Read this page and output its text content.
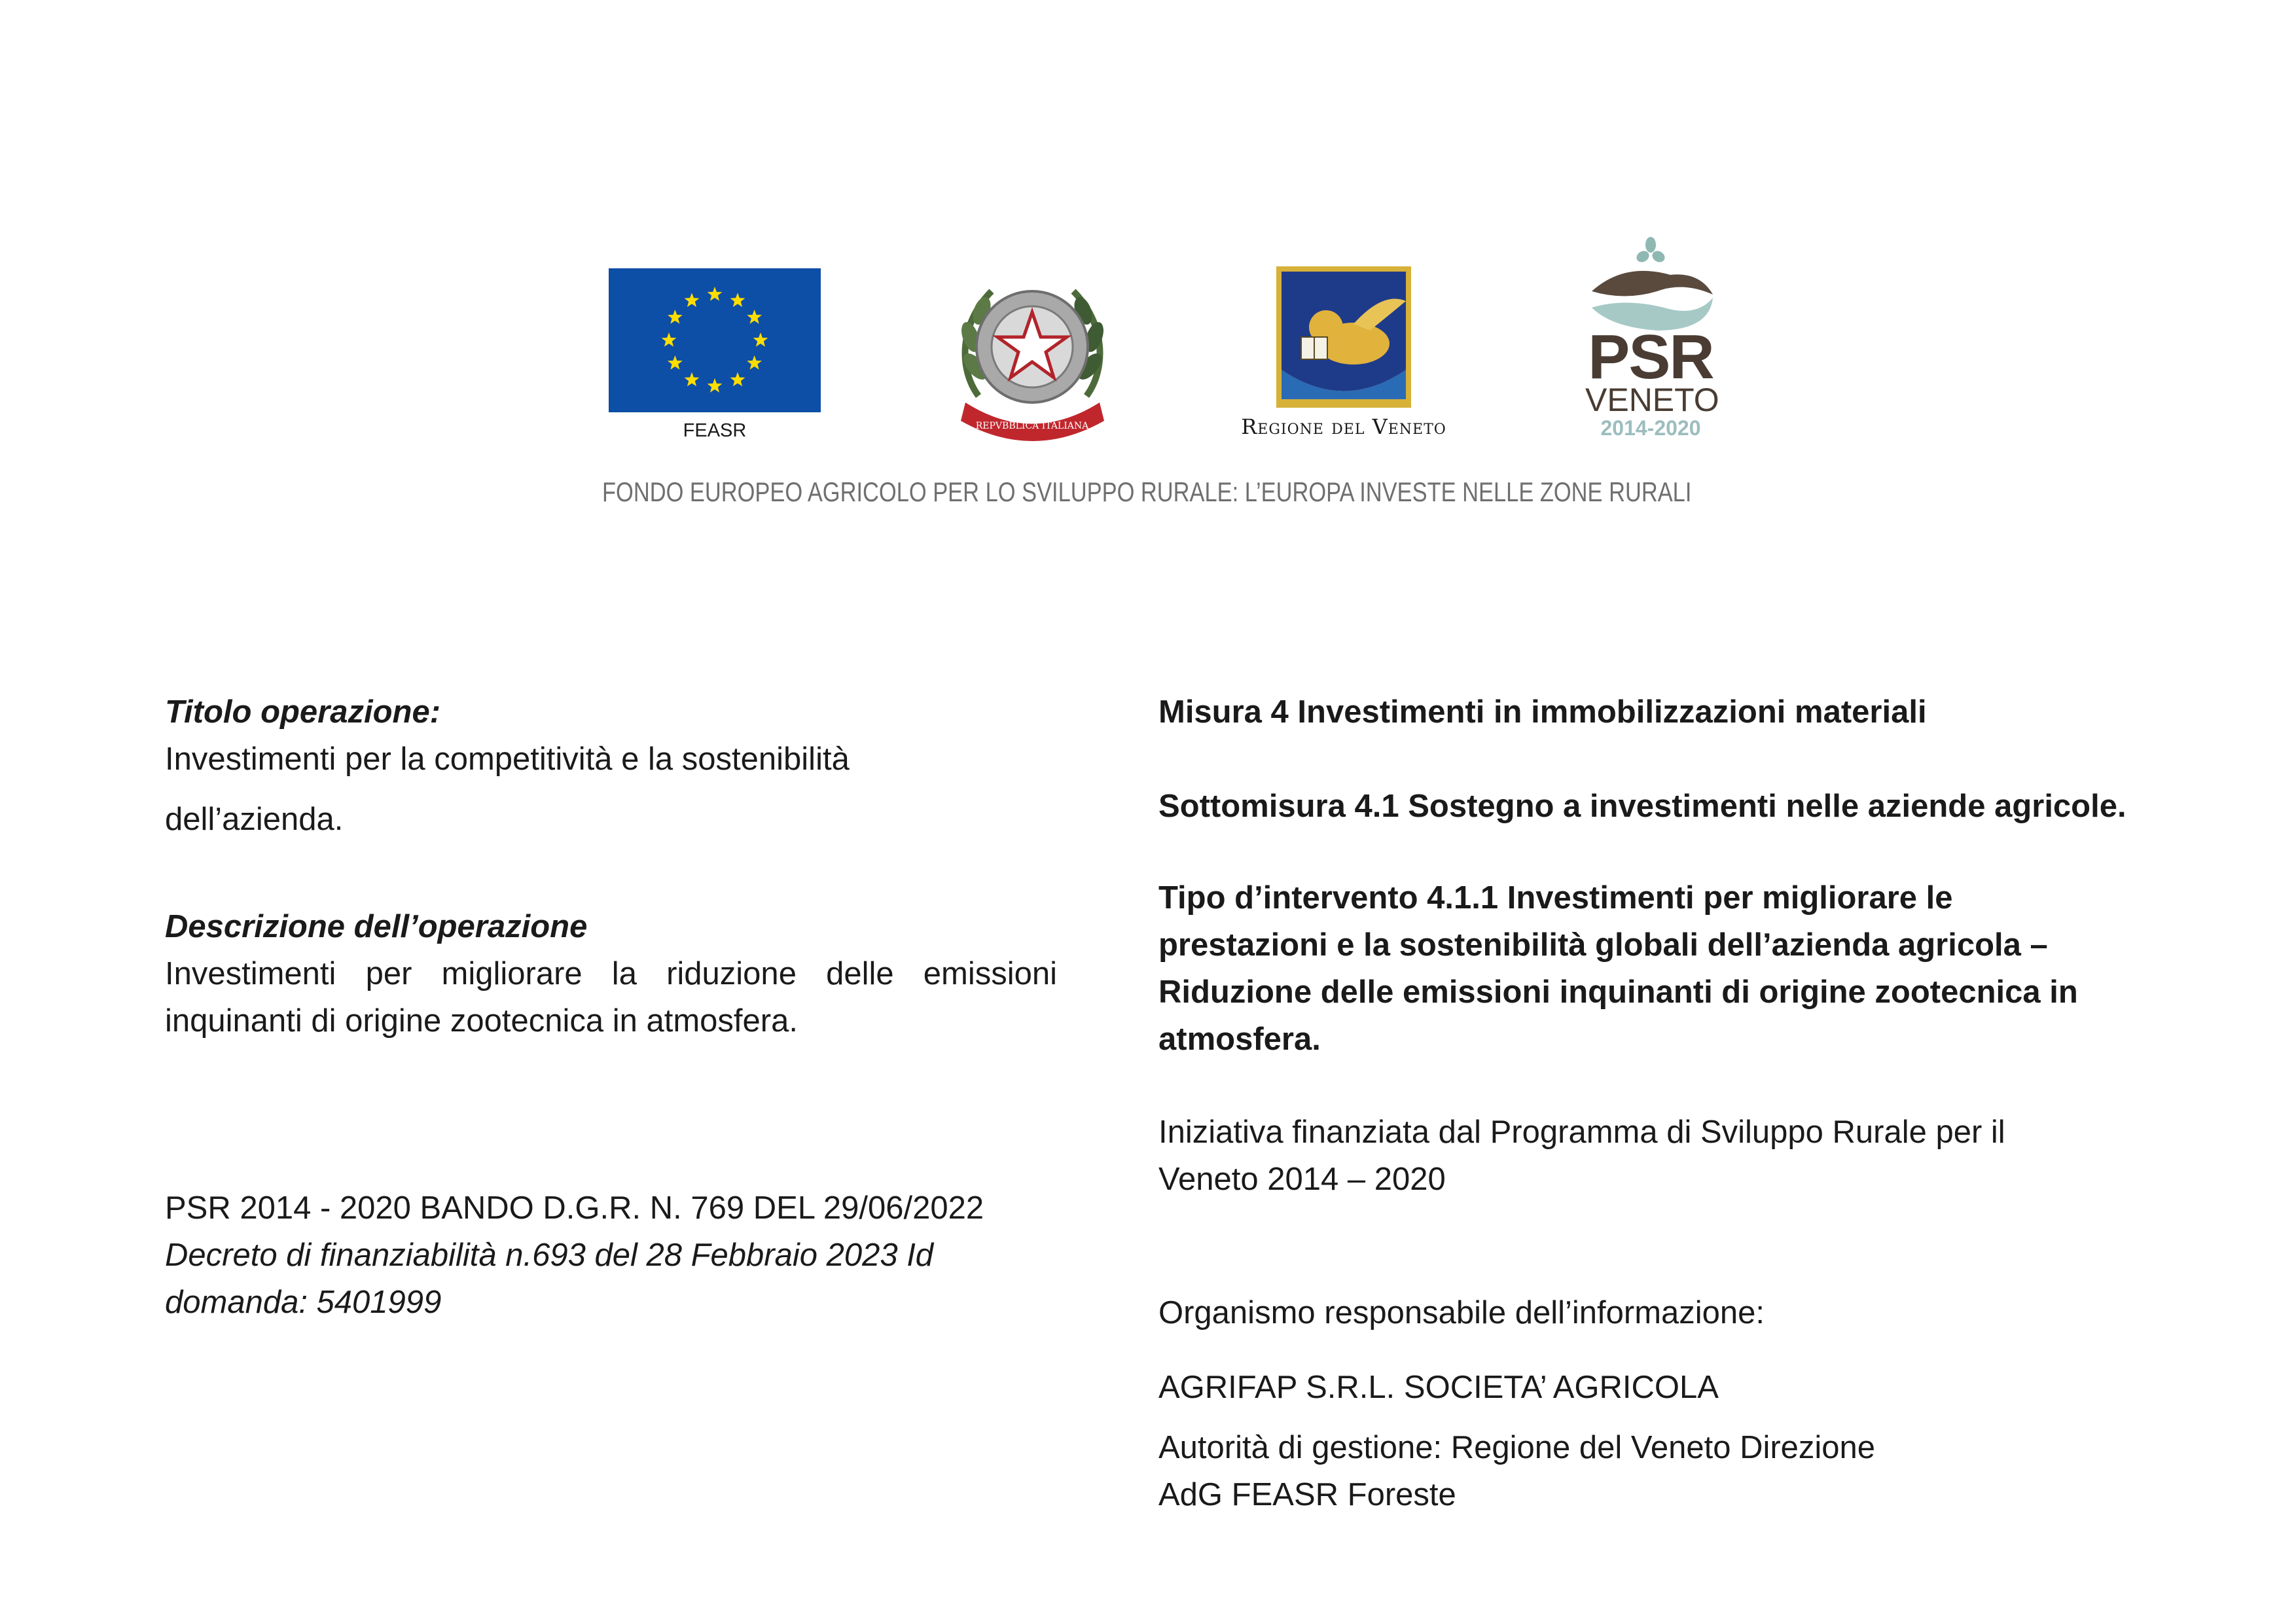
FEASR	REPVBBLICA ITALIANA	Regione del Veneto
PSR
VENETO
2014-2020
FONDO EUROPEO AGRICOLO PER LO SVILUPPO RURALE: L’EUROPA INVESTE NELLE ZONE RURALI
Titolo operazione:
Investimenti per la competitività e la sostenibilità
dell’azienda.
Descrizione dell’operazione
Investimenti per migliorare la riduzione delle emissioni
inquinanti di origine zootecnica in atmosfera.
PSR 2014 - 2020 BANDO D.G.R. N. 769 DEL 29/06/2022
Decreto di finanziabilità n.693 del 28 Febbraio 2023 Id
domanda: 5401999
Misura 4 Investimenti in immobilizzazioni materiali
Sottomisura 4.1 Sostegno a investimenti nelle aziende agricole.
Tipo d’intervento 4.1.1 Investimenti per migliorare le
prestazioni e la sostenibilità globali dell’azienda agricola –
Riduzione delle emissioni inquinanti di origine zootecnica in
atmosfera.
Iniziativa finanziata dal Programma di Sviluppo Rurale per il
Veneto 2014 – 2020
Organismo responsabile dell’informazione:
AGRIFAP S.R.L. SOCIETA’ AGRICOLA
Autorità di gestione: Regione del Veneto Direzione
AdG FEASR Foreste
